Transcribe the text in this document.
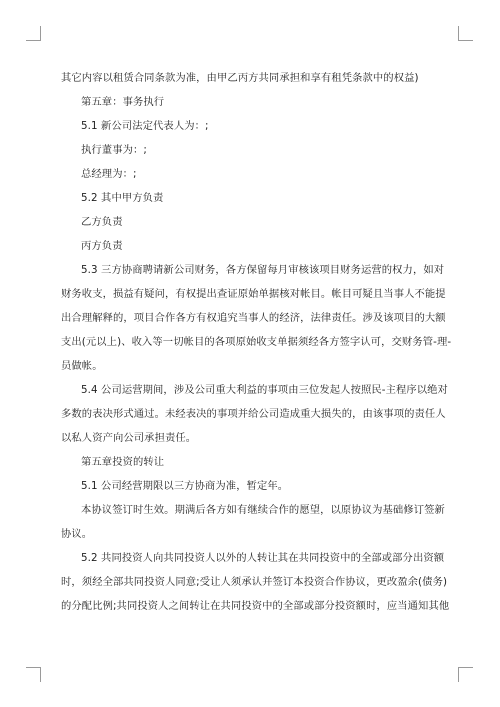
其它内容以租赁合同条款为准，由甲乙丙方共同承担和享有租凭条款中的权益)

第五章：事务执行

5.1 新公司法定代表人为：;

执行董事为：;

总经理为：;

5.2 其中甲方负责

乙方负责

丙方负责

5.3 三方协商聘请新公司财务，各方保留每月审核该项目财务运营的权力，如对

财务收支，损益有疑问，有权提出查证原始单据核对帐目。帐目可疑且当事人不能提

出合理解释的，项目合作各方有权追究当事人的经济，法律责任。涉及该项目的大额

支出(元以上)、收入等一切帐目的各项原始收支单据须经各方签字认可，交财务管-理-

员做帐。

5.4 公司运营期间，涉及公司重大利益的事项由三位发起人按照民-主程序以绝对

多数的表决形式通过。未经表决的事项并给公司造成重大损失的，由该事项的责任人

以私人资产向公司承担责任。

第五章投资的转让

5.1 公司经营期限以三方协商为准，暂定年。

本协议签订时生效。期满后各方如有继续合作的愿望，以原协议为基础修订签新

协议。

5.2 共同投资人向共同投资人以外的人转让其在共同投资中的全部或部分出资额

时，须经全部共同投资人同意;受让人须承认并签订本投资合作协议，更改盈余(债务)

的分配比例;共同投资人之间转让在共同投资中的全部或部分投资额时，应当通知其他
